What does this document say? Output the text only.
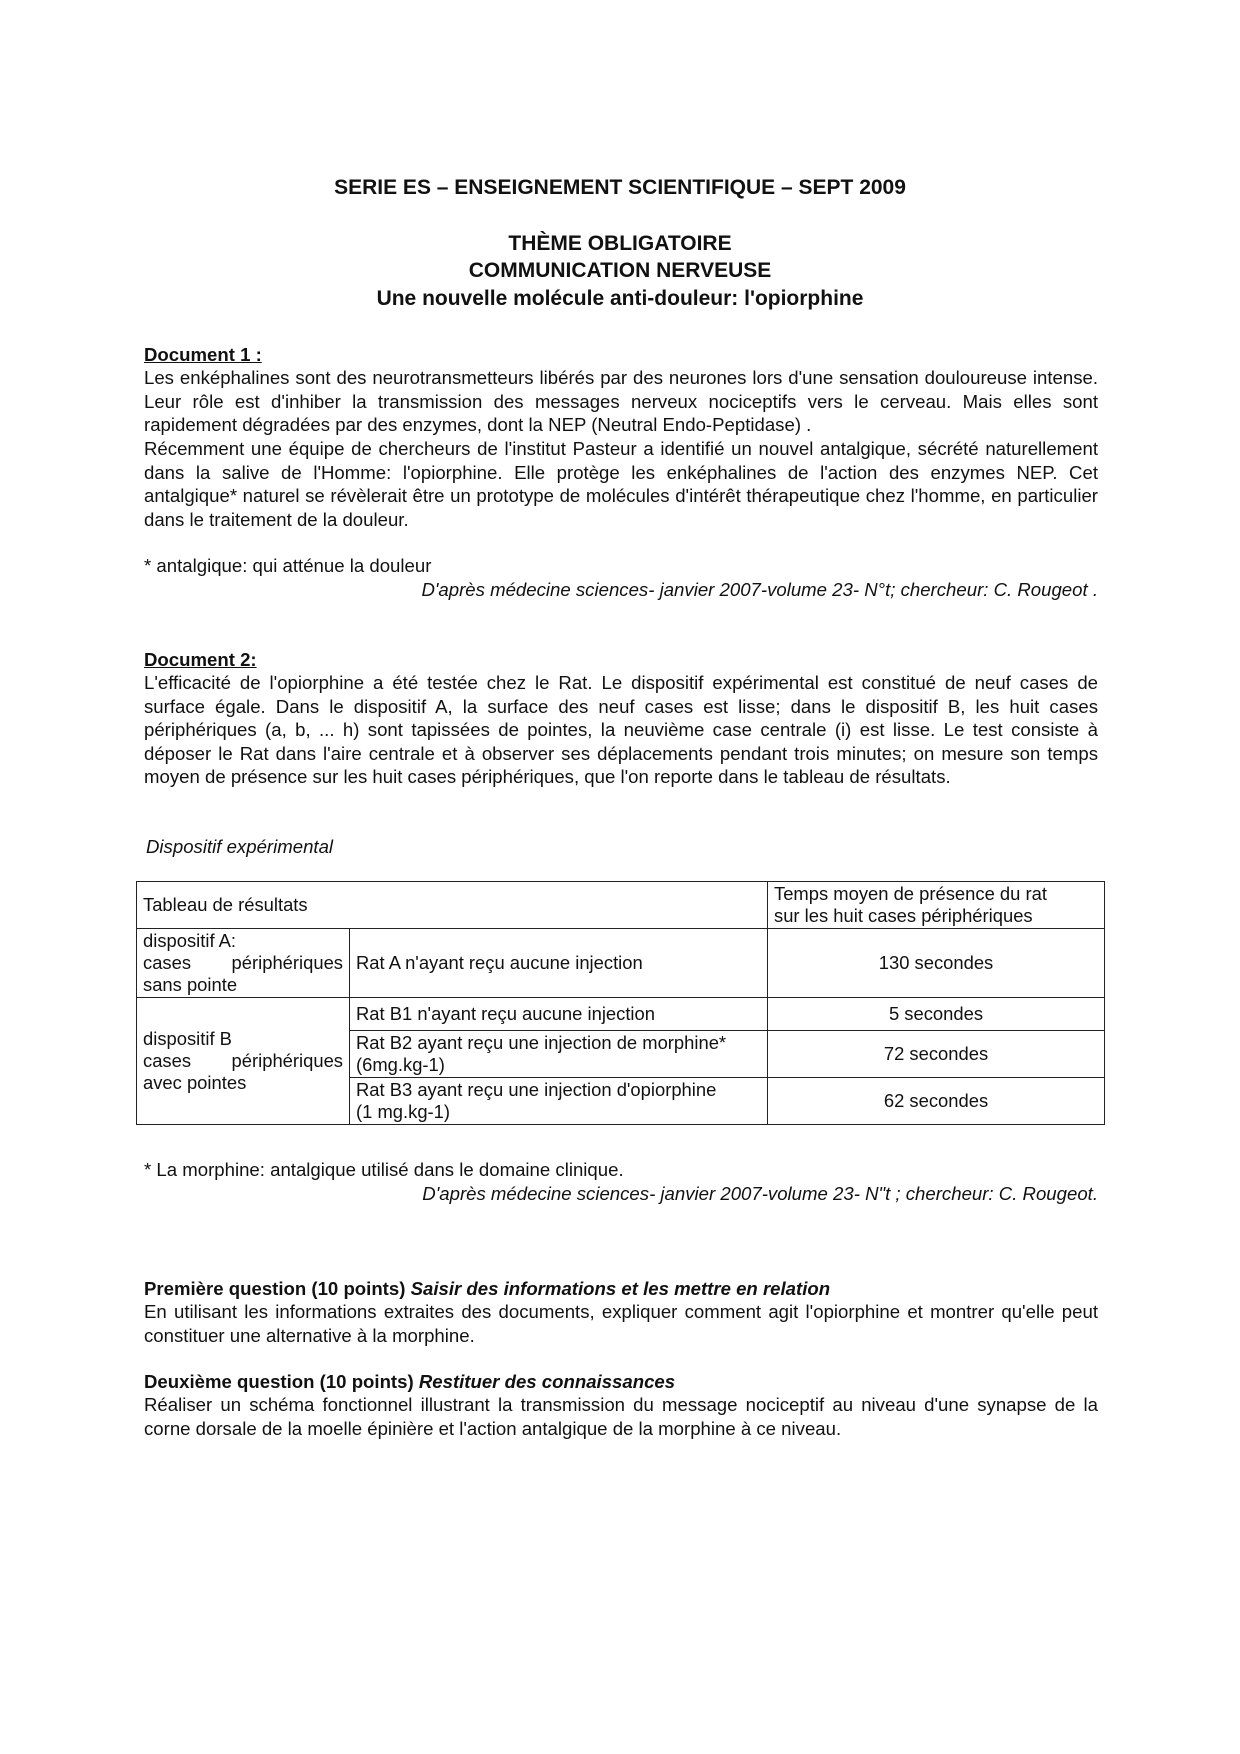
SERIE ES – ENSEIGNEMENT SCIENTIFIQUE – SEPT 2009
THÈME OBLIGATOIRE
COMMUNICATION NERVEUSE
Une nouvelle molécule anti-douleur: l'opiorphine
Document 1 :
Les enképhalines sont des neurotransmetteurs libérés par des neurones lors d'une sensation douloureuse intense. Leur rôle est d'inhiber la transmission des messages nerveux nociceptifs vers le cerveau. Mais elles sont rapidement dégradées par des enzymes, dont la NEP (Neutral Endo-Peptidase) .
Récemment une équipe de chercheurs de l'institut Pasteur a identifié un nouvel antalgique, sécrété naturellement dans la salive de l'Homme: l'opiorphine. Elle protège les enképhalines de l'action des enzymes NEP. Cet antalgique* naturel se révèlerait être un prototype de molécules d'intérêt thérapeutique chez l'homme, en particulier dans le traitement de la douleur.
* antalgique: qui atténue la douleur
D'après médecine sciences- janvier 2007-volume 23- N°t; chercheur: C. Rougeot .
Document 2:
L'efficacité de l'opiorphine a été testée chez le Rat. Le dispositif expérimental est constitué de neuf cases de surface égale. Dans le dispositif A, la surface des neuf cases est lisse; dans le dispositif B, les huit cases périphériques (a, b, ... h) sont tapissées de pointes, la neuvième case centrale (i) est lisse. Le test consiste à déposer le Rat dans l'aire centrale et à observer ses déplacements pendant trois minutes; on mesure son temps moyen de présence sur les huit cases périphériques, que l'on reporte dans le tableau de résultats.
Dispositif expérimental
Tableau de résultats		Temps moyen de présence du rat
sur les huit cases périphériques
dispositif A:
cases périphériques
sans pointe	Rat A n'ayant reçu aucune injection	130 secondes
dispositif B
cases périphériques
avec pointes	Rat B1 n'ayant reçu aucune injection	5 secondes
	Rat B2 ayant reçu une injection de morphine*
(6mg.kg-1)	72 secondes
	Rat B3 ayant reçu une injection d'opiorphine
(1 mg.kg-1)	62 secondes
* La morphine: antalgique utilisé dans le domaine clinique.
D'après médecine sciences- janvier 2007-volume 23- N"t ; chercheur: C. Rougeot.
Première question (10 points) Saisir des informations et les mettre en relation
En utilisant les informations extraites des documents, expliquer comment agit l'opiorphine et montrer qu'elle peut constituer une alternative à la morphine.
Deuxième question (10 points) Restituer des connaissances
Réaliser un schéma fonctionnel illustrant la transmission du message nociceptif au niveau d'une synapse de la corne dorsale de la moelle épinière et l'action antalgique de la morphine à ce niveau.
